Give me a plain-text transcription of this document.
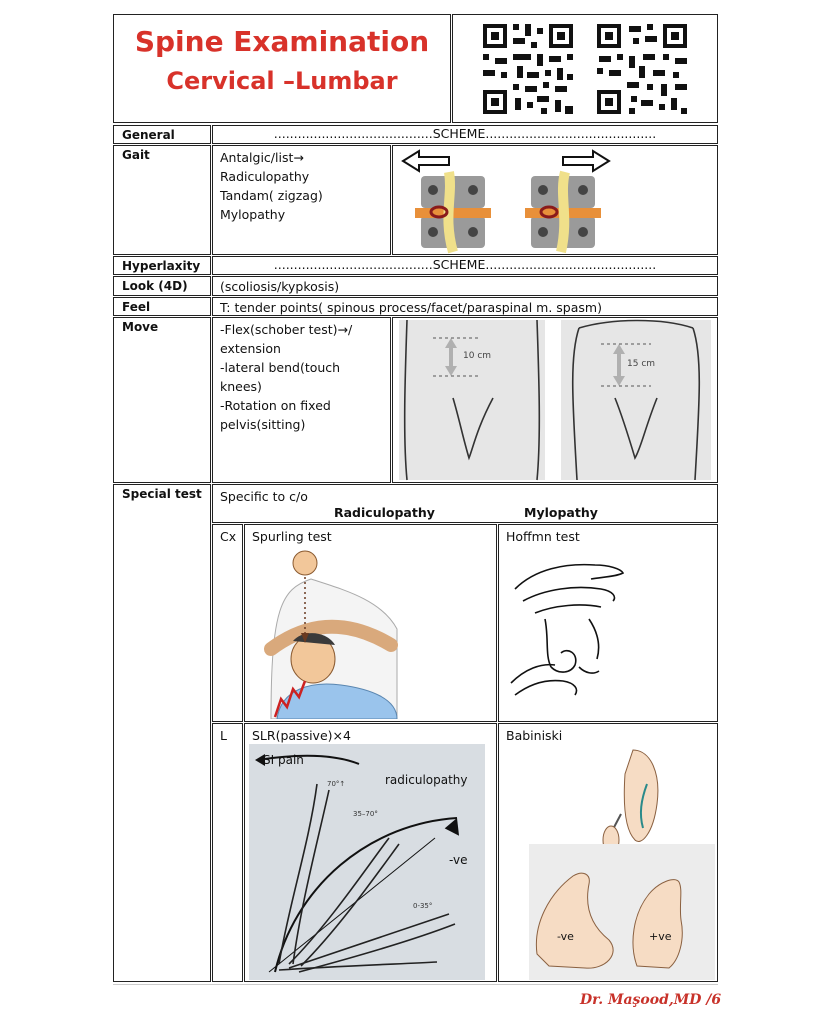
Spine Examination
Cervical –Lumbar
General	........................................SCHEME...........................................
Gait	Antalgic/list→
Radiculopathy
Tandam( zigzag)
Mylopathy
Hyperlaxity	........................................SCHEME...........................................
Look (4D)	(scoliosis/kypkosis)
Feel	T: tender points( spinous process/facet/paraspinal m. spasm)
Move	-Flex(schober test)→/
extension
-lateral bend(touch
knees)
-Rotation on fixed
pelvis(sitting)
10 cm
15 cm
Special test	Specific to c/o
Radiculopathy	Mylopathy
Cx	Spurling test	Hoffmn test
L	SLR(passive)×4
SI pain
radiculopathy
-ve
70°↑
35–70°
0-35°
Babiniski
-ve	+ve
Dr. Maşood,MD /6
